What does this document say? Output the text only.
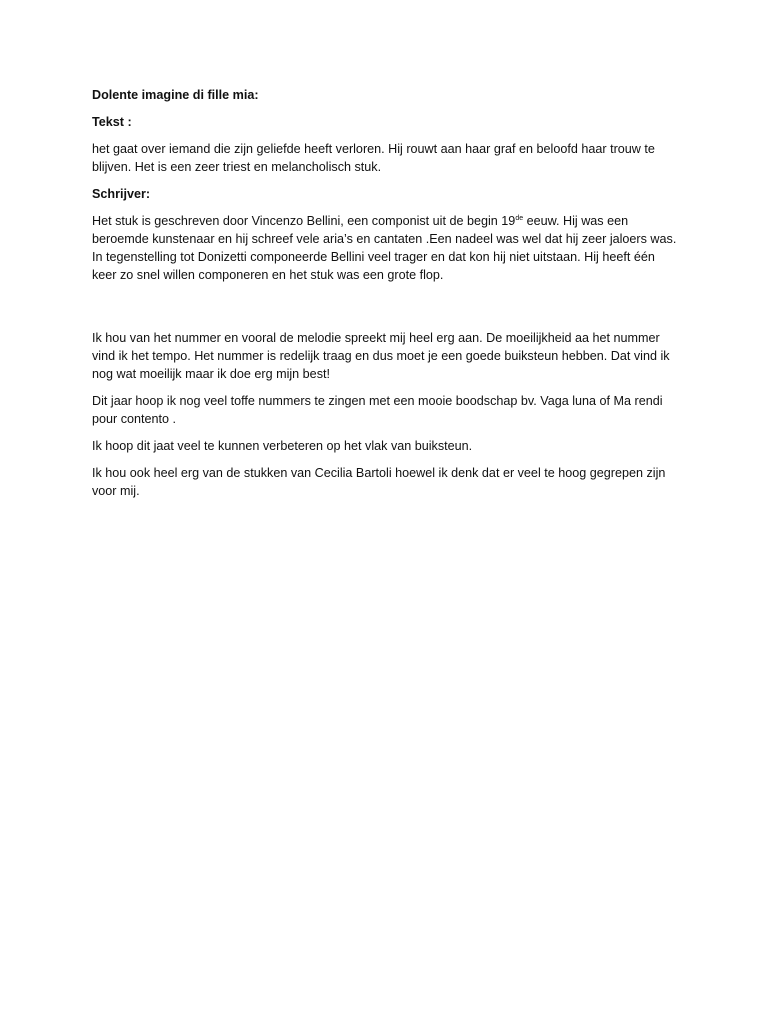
Dolente imagine di fille mia:

Tekst :

het gaat over iemand die zijn geliefde heeft verloren. Hij rouwt aan haar graf en beloofd haar trouw te blijven. Het is een zeer triest en melancholisch stuk.

Schrijver:

Het stuk is geschreven door Vincenzo Bellini, een componist uit de begin 19de eeuw. Hij was een beroemde kunstenaar en hij schreef vele aria’s en cantaten .Een nadeel was wel dat hij zeer jaloers was. In tegenstelling tot Donizetti componeerde Bellini veel trager en dat kon hij niet uitstaan. Hij heeft één keer zo snel willen componeren en het stuk was een grote flop.

Ik hou van het nummer en vooral de melodie spreekt mij heel erg aan. De moeilijkheid aa het nummer vind ik het tempo. Het nummer is redelijk traag en dus moet je een goede buiksteun hebben. Dat vind ik nog wat moeilijk maar ik doe erg mijn best!

Dit jaar hoop ik nog veel toffe nummers te zingen met een mooie boodschap bv. Vaga luna of Ma rendi pour contento .

Ik hoop dit jaat veel te kunnen verbeteren op het vlak van buiksteun.

Ik hou ook heel erg van de stukken van Cecilia Bartoli hoewel ik denk dat er veel te hoog gegrepen zijn voor mij.
